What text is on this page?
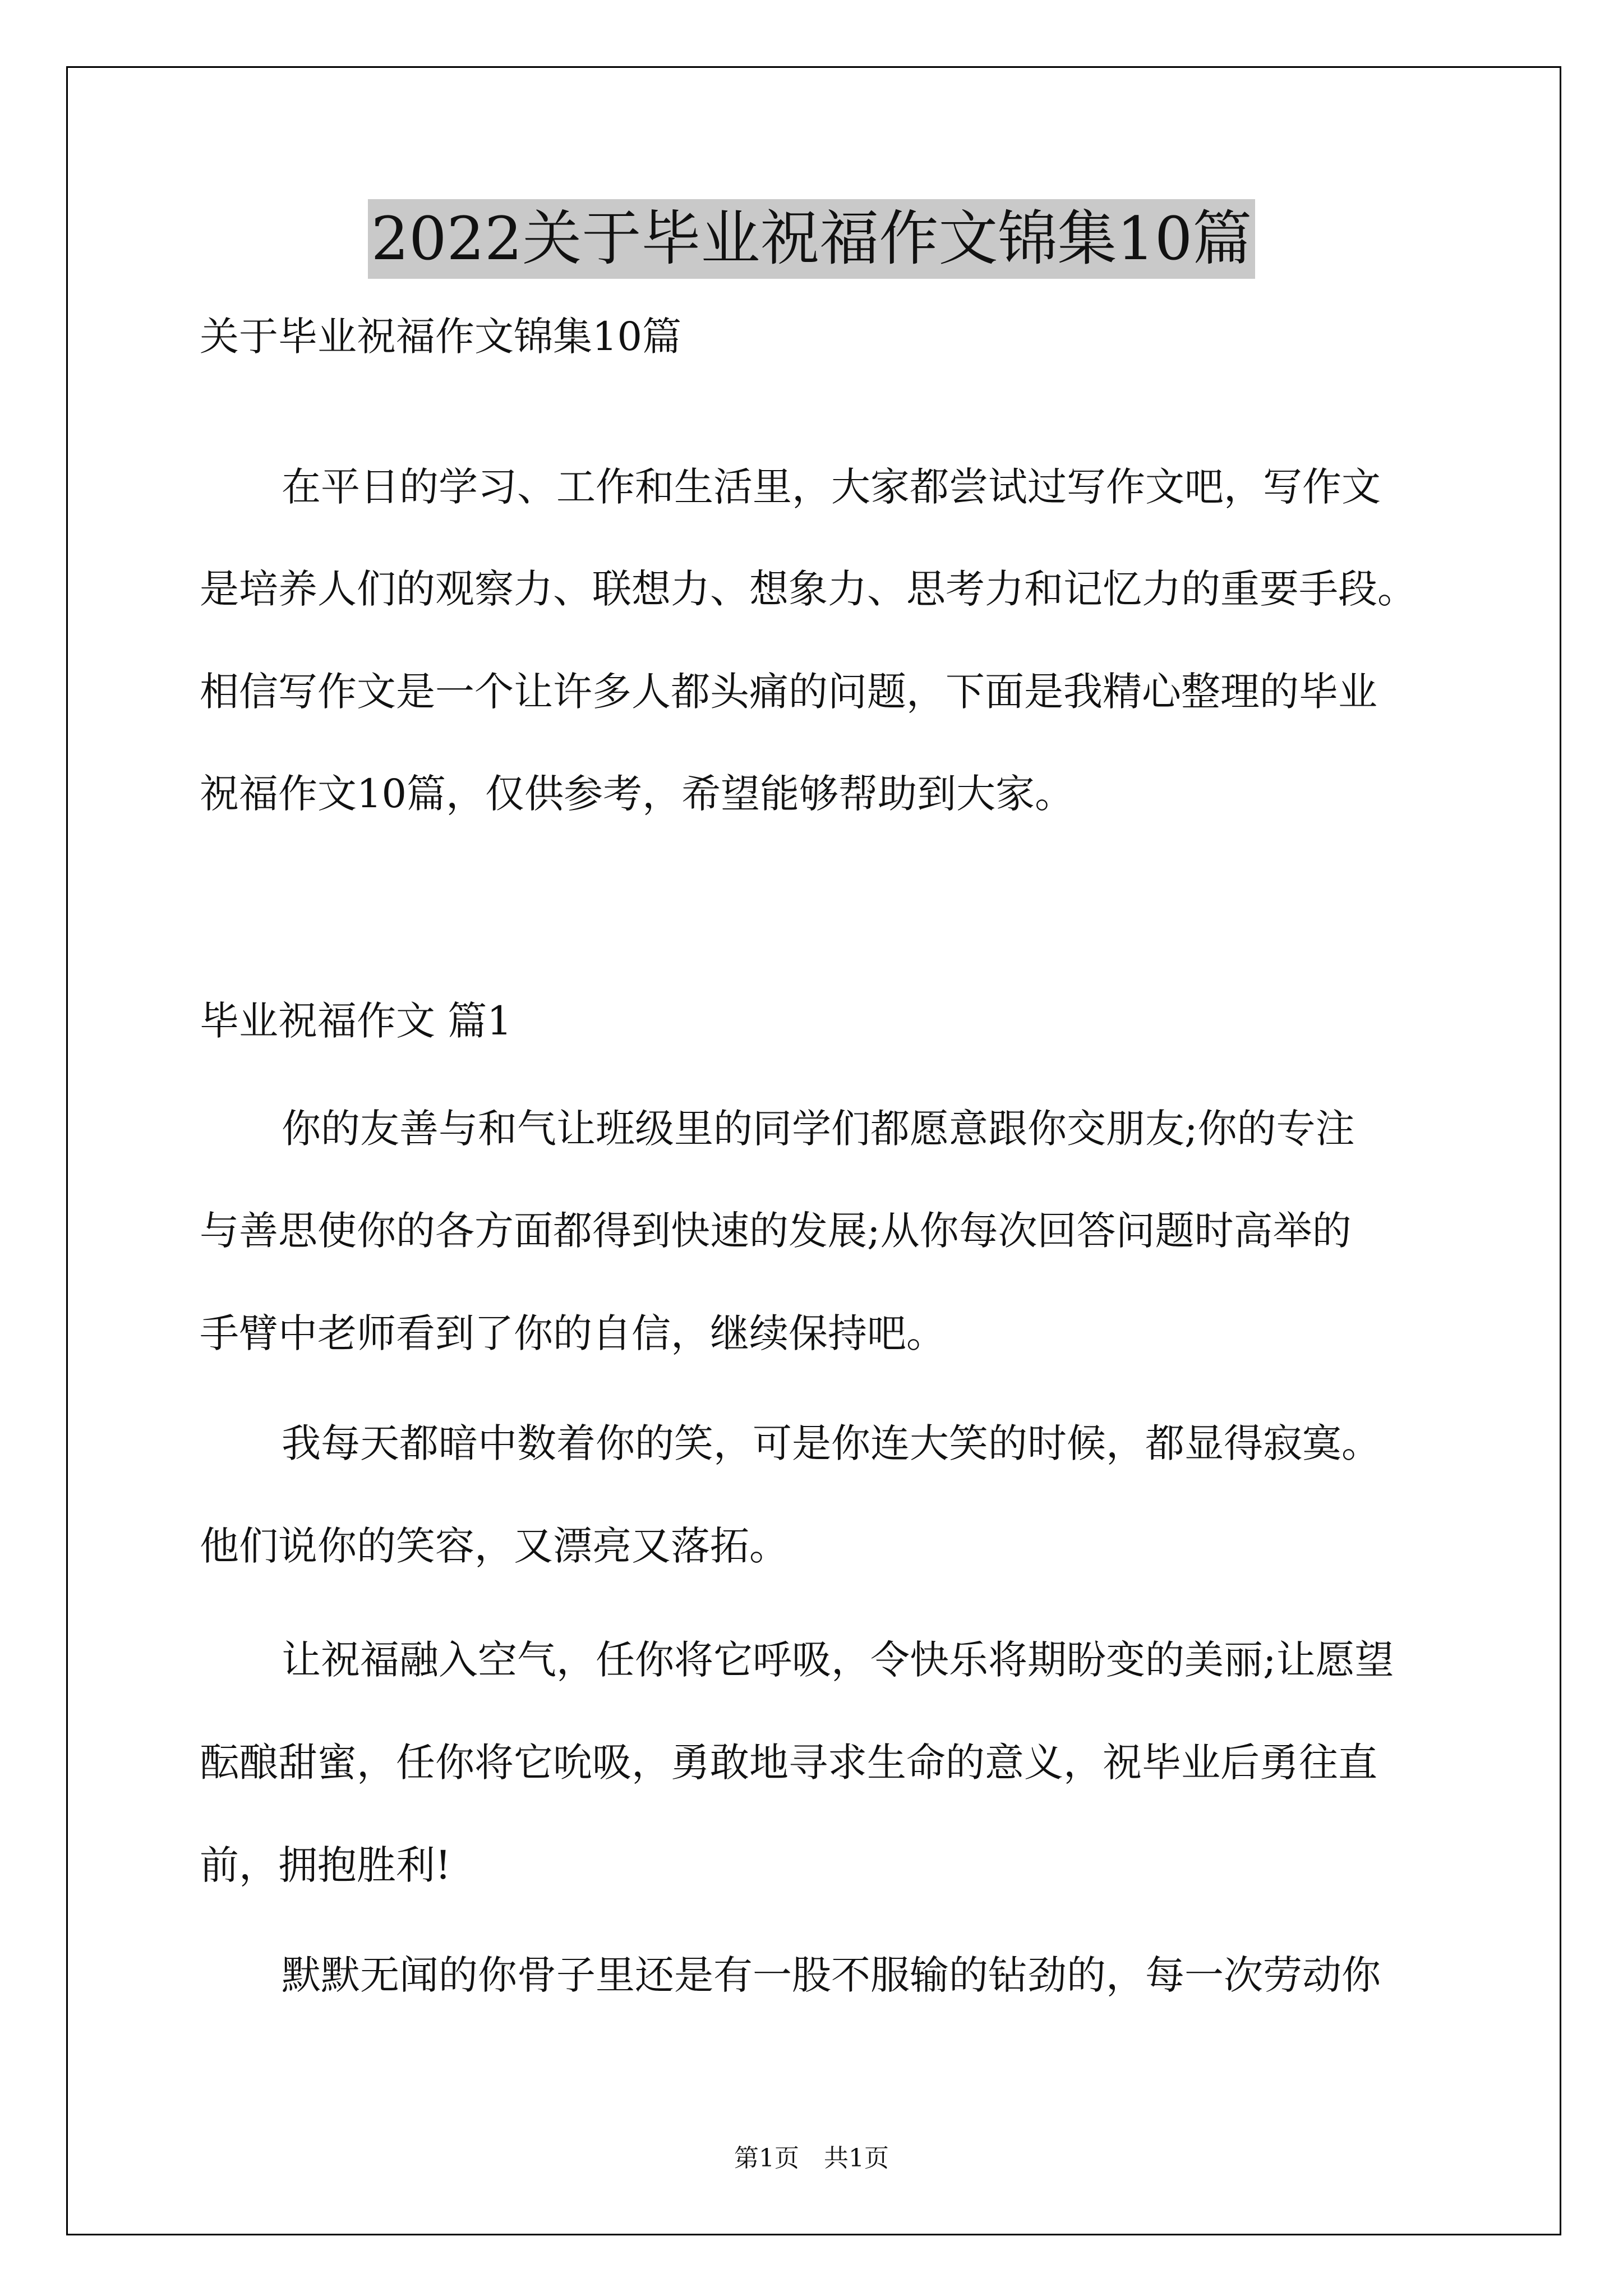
2022关于毕业祝福作文锦集10篇
关于毕业祝福作文锦集10篇
在平日的学习、工作和生活里，大家都尝试过写作文吧，写作文
是培养人们的观察力、联想力、想象力、思考力和记忆力的重要手段。
相信写作文是一个让许多人都头痛的问题，下面是我精心整理的毕业
祝福作文10篇，仅供参考，希望能够帮助到大家。
毕业祝福作文 篇1
你的友善与和气让班级里的同学们都愿意跟你交朋友;你的专注
与善思使你的各方面都得到快速的发展;从你每次回答问题时高举的
手臂中老师看到了你的自信，继续保持吧。
我每天都暗中数着你的笑，可是你连大笑的时候，都显得寂寞。
他们说你的笑容，又漂亮又落拓。
让祝福融入空气，任你将它呼吸，令快乐将期盼变的美丽;让愿望
酝酿甜蜜，任你将它吮吸，勇敢地寻求生命的意义，祝毕业后勇往直
前，拥抱胜利!
默默无闻的你骨子里还是有一股不服输的钻劲的，每一次劳动你
第1页　共1页
